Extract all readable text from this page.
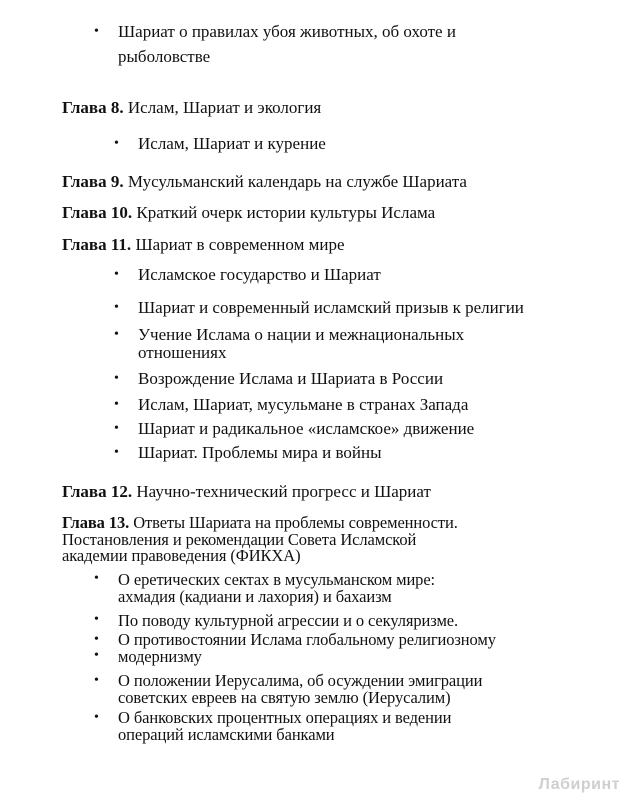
• Шариат о правилах убоя животных, об охоте и
рыболовстве
Глава 8. Ислам, Шариат и экология
• Ислам, Шариат и курение
Глава 9. Мусульманский календарь на службе Шариата
Глава 10. Краткий очерк истории культуры Ислама
Глава 11. Шариат в современном мире
• Исламское государство и Шариат
• Шариат и современный исламский призыв к религии
• Учение Ислама о нации и межнациональных
отношениях
• Возрождение Ислама и Шариата в России
• Ислам, Шариат, мусульмане в странах Запада
• Шариат и радикальное «исламское» движение
• Шариат. Проблемы мира и войны
Глава 12. Научно-технический прогресс и Шариат
Глава 13. Ответы Шариата на проблемы современности.
Постановления и рекомендации Совета Исламской
академии правоведения (ФИКХА)
• О еретических сектах в мусульманском мире:
ахмадия (кадиани и лахория) и бахаизм
• По поводу культурной агрессии и о секуляризме.
• О противостоянии Ислама глобальному религиозному
• модернизму
• О положении Иерусалима, об осуждении эмиграции
советских евреев на святую землю (Иерусалим)
• О банковских процентных операциях и ведении
операций исламскими банками
Лабиринт
